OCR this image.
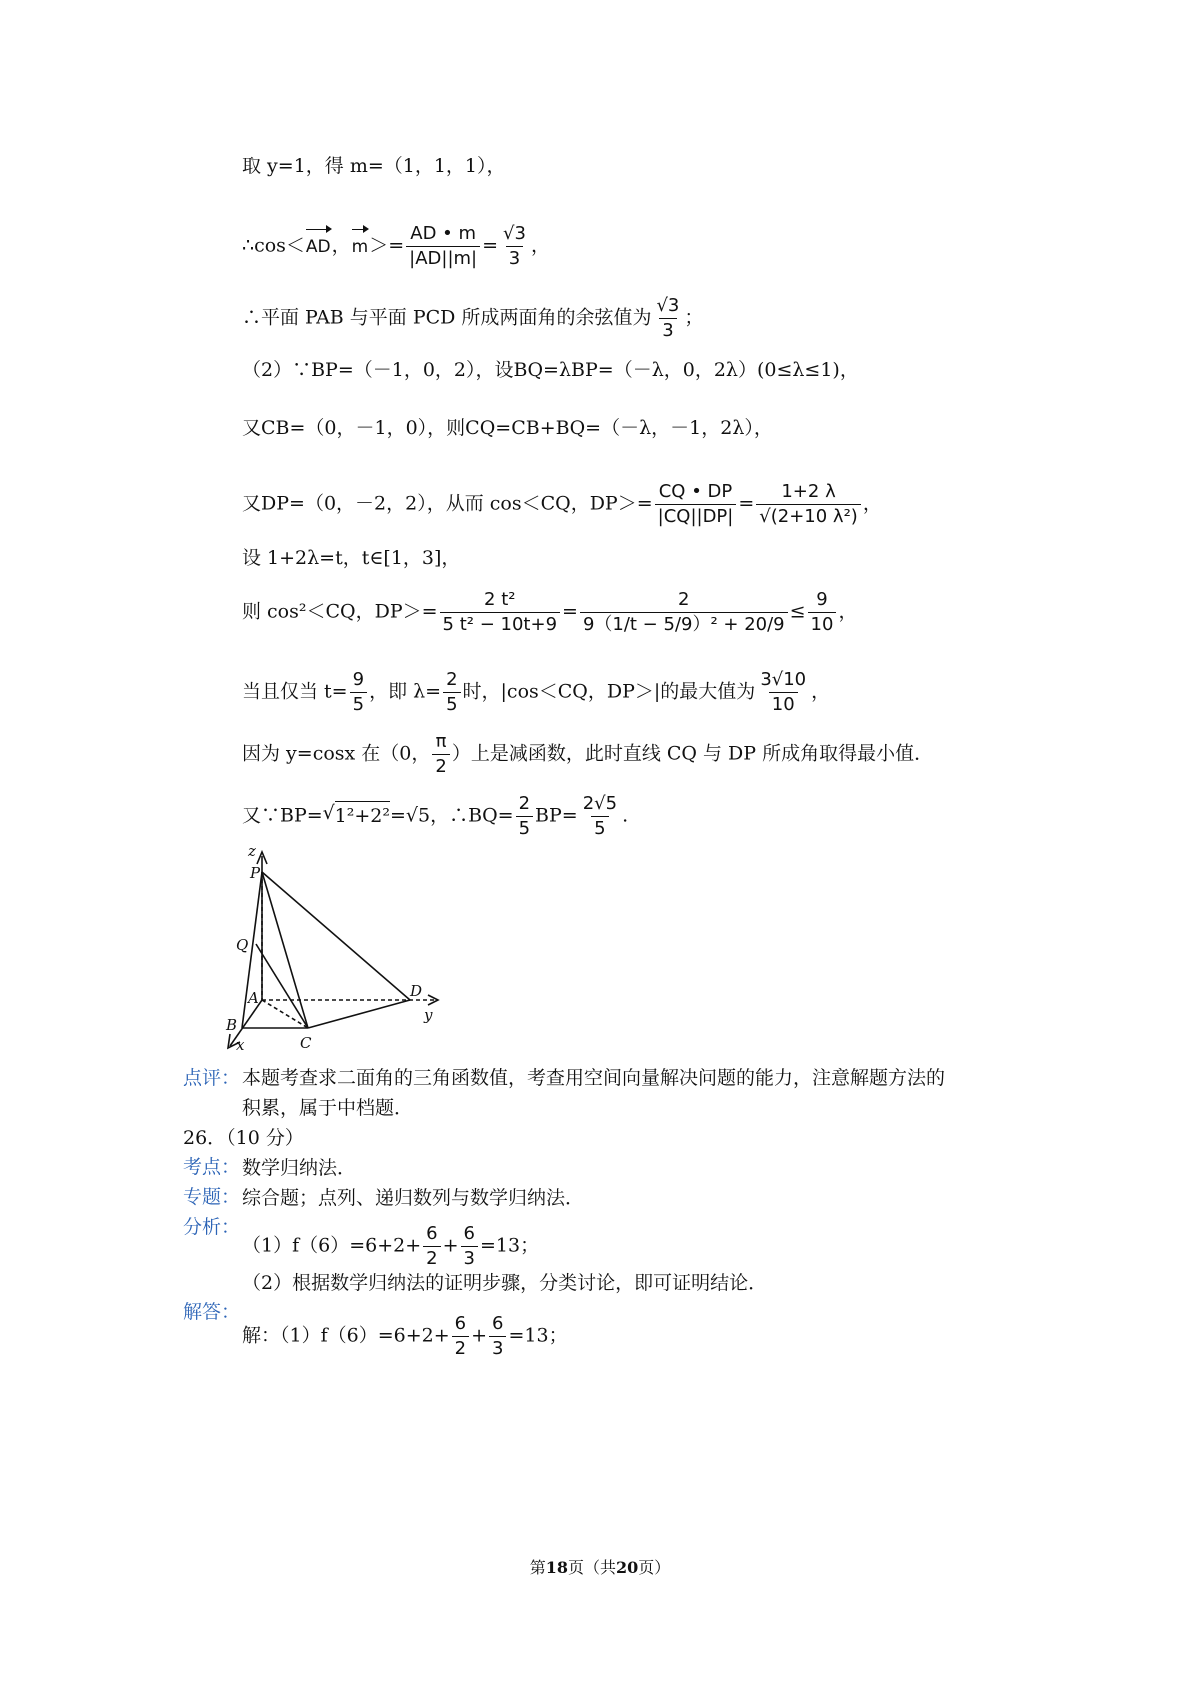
取 y=1，得 m=（1，1，1），
∴cos＜AD，$m>= \frac{AD • m}{|AD||m|} = \frac{√3}{3}$ ，
∴平面 PAB 与平面 PCD 所成两面角的余弦值为 $\frac{√3}{3}$ ；
（2）∵BP=（－1，0，2），设BQ=λBP=（－λ，0，2λ）(0≤λ≤1)，
又CB=（0，－1，0），则CQ=CB+BQ=（－λ，－1，2λ），
又DP=（0，－2，2），从而 cos＜CQ，$DP>= \frac{CQ • DP}{|CQ||DP|} = \frac{1+2 \lambda}{\text{√(2+10 λ²)}}$ ，
设 1+2λ=t，t∈[1，3]，
则 cos²＜CQ，$DP>= \frac{\text{2 t²}}{\text{5 t² − 10t+9}} = \frac{2}{\text{9（1/t − 5/9）² + 20/9}} \le \frac{9}{10}$ ，
当且仅当 $t= \frac{9}{5}$ ，即 $\lambda= \frac{2}{5}$ 时，|cos＜CQ，DP＞|的最大值为 $\frac{3√10}{10}$ ，
因为 y=cosx 在（0， $\frac{\pi}{2}$ ）上是减函数，此时直线 CQ 与 DP 所成角取得最小值．
又∵BP=√ 1²+2²=√5，∴BQ= $\frac{2}{5} BP= \frac{2√5}{5}$ .
z
P
Q
A
B
C
D
x
y
点评： 本题考查求二面角的三角函数值，考查用空间向量解决问题的能力，注意解题方法的
积累，属于中档题．
26．（10 分）
考点： 数学归纳法．
专题： 综合题；点列、递归数列与数学归纳法．
分析：
$(1)f(6)=6+2+ \frac{6}{2} + \frac{6}{3} =13$；
（2）根据数学归纳法的证明步骤，分类讨论，即可证明结论．
解答：
解：$(1)f(6)=6+2+ \frac{6}{2} + \frac{6}{3} =13$；
第18页（共20页）
